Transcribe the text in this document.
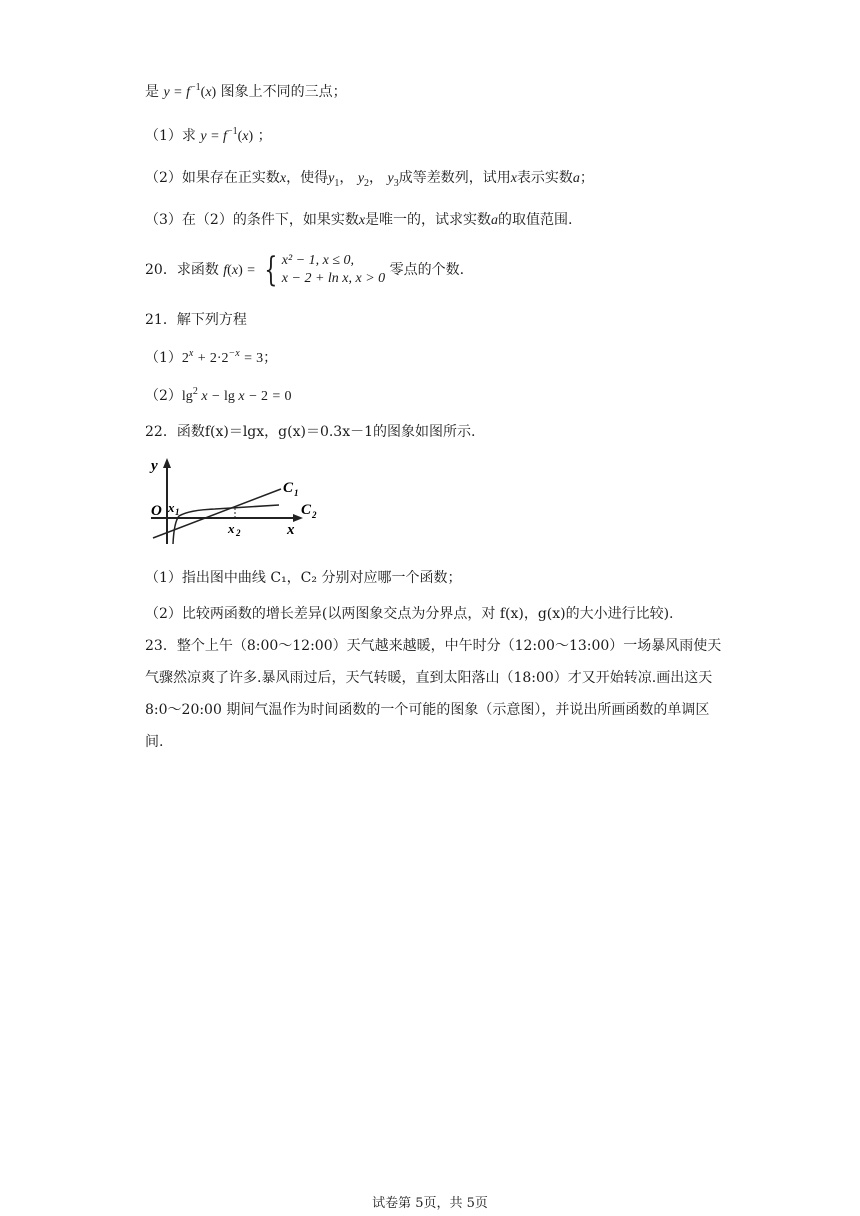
是 $y = f^{-1}(x)$ 图象上不同的三点；
（1）求 $y = f^{-1}(x)$ ；
（2）如果存在正实数x，使得$y_1$， $y_2$， $y_3$成等差数列，试用x表示实数a；
（3）在（2）的条件下，如果实数x是唯一的，试求实数a的取值范围.
20．求函数 f(x) = { x² − 1, x ≤ 0,
x − 2 + ln x, x > 0
零点的个数.
21．解下列方程
$(1)2^x + 2\cdot 2^{-x} = 3$；
$(2)\lg^2$ x − lg x − 2 = 0
22．函数f(x)＝lgx，g(x)＝0.3x－1的图象如图所示.
y
O
x
x 1
x 2
C 1
C 2
（1）指出图中曲线 C₁，C₂ 分别对应哪一个函数；
（2）比较两函数的增长差异(以两图象交点为分界点，对 f(x)，g(x)的大小进行比较).
23．整个上午（8:00～12:00）天气越来越暖，中午时分（12:00～13:00）一场暴风雨使天气骤然凉爽了许多.暴风雨过后，天气转暖，直到太阳落山（18:00）才又开始转凉.画出这天 8:0～20:00 期间气温作为时间函数的一个可能的图象（示意图），并说出所画函数的单调区间.
试卷第 5页，共 5页
